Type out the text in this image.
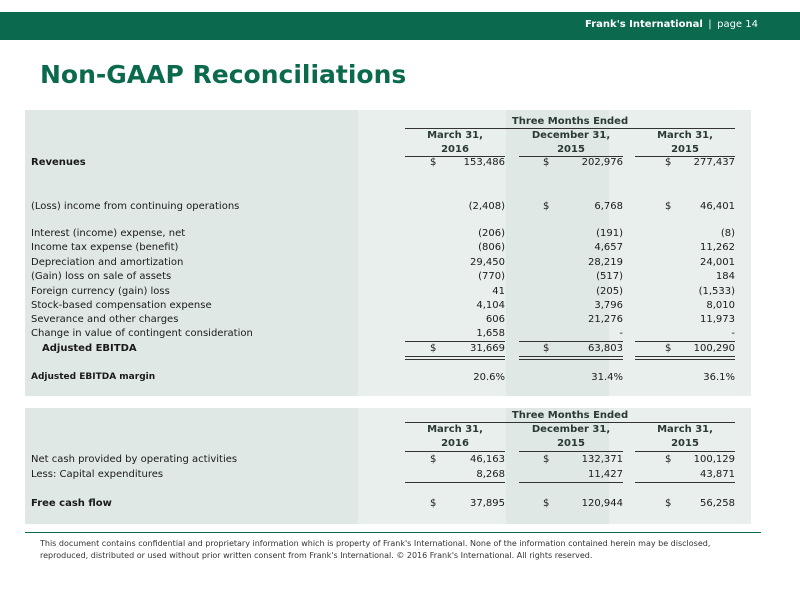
Frank's International | page 14
Non-GAAP Reconciliations
Three Months Ended
March 31,
2016
December 31,
2015
March 31,
2015
Revenues	$	153,486	$	202,976	$	277,437
(Loss) income from continuing operations	(2,408)	$	6,768	$	46,401
Interest (income) expense, net	(206)	(191)	(8)
Income tax expense (benefit)	(806)	4,657	11,262
Depreciation and amortization	29,450	28,219	24,001
(Gain) loss on sale of assets	(770)	(517)	184
Foreign currency (gain) loss	41	(205)	(1,533)
Stock-based compensation expense	4,104	3,796	8,010
Severance and other charges	606	21,276	11,973
Change in value of contingent consideration	1,658	-	-
Adjusted EBITDA	$	31,669	$	63,803	$	100,290
Adjusted EBITDA margin	20.6%	31.4%	36.1%
Three Months Ended
March 31,
2016
December 31,
2015
March 31,
2015
Net cash provided by operating activities	$	46,163	$	132,371	$	100,129
Less: Capital expenditures	8,268	11,427	43,871
Free cash flow	$	37,895	$	120,944	$	56,258
This document contains confidential and proprietary information which is property of Frank's International. None of the information contained herein may be disclosed, reproduced, distributed or used without prior written consent from Frank's International. © 2016 Frank's International. All rights reserved.
